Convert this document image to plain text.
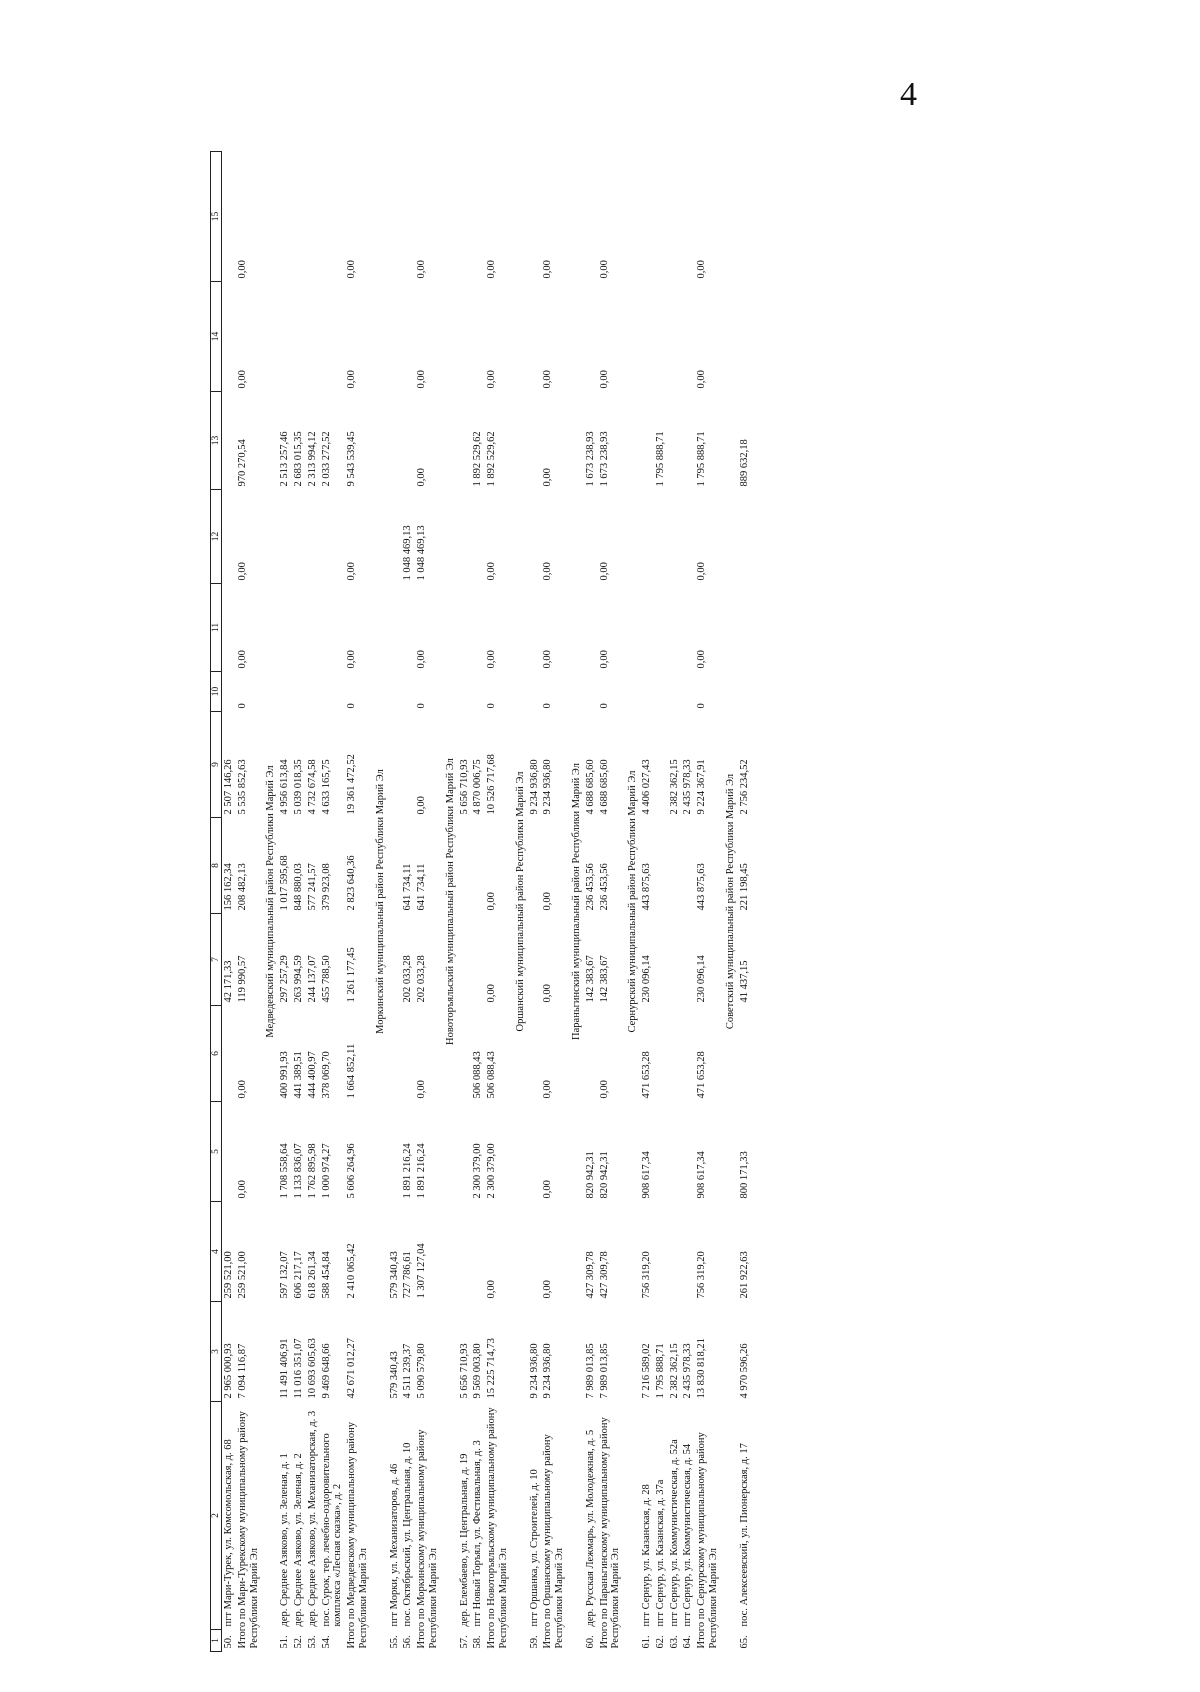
4
1	2	3	4	5	6	7	8	9	10	11	12	13	14	15
50.	пгт Мари-Турек, ул. Комсомольская, д. 68	2 965 000,93	259 521,00			42 171,33	156 162,34	2 507 146,26						
Итого по Мари-Турекскому муниципальному району Республики Марий Эл		7 094 116,87	259 521,00	0,00	0,00	119 990,57	208 482,13	5 535 852,63	0	0,00	0,00	970 270,54	0,00	0,00
Медведевский муниципальный район Республики Марий Эл														
51.	дер. Среднее Азяково, ул. Зеленая, д. 1	11 491 406,91	597 132,07	1 708 558,64	400 991,93	297 257,29	1 017 595,68	4 956 613,84				2 513 257,46		
52.	дер. Среднее Азяково, ул. Зеленая, д. 2	11 016 351,07	606 217,17	1 133 836,07	441 389,51	263 994,59	848 880,03	5 039 018,35				2 683 015,35		
53.	дер. Среднее Азяково, ул. Механизаторская, д. 3	10 693 605,63	618 261,34	1 762 895,98	444 400,97	244 137,07	577 241,57	4 732 674,58				2 313 994,12		
54.	пос. Сурок, тер. лечебно-оздоровительного комплекса «Лесная сказка», д. 2	9 469 648,66	588 454,84	1 000 974,27	378 069,70	455 788,50	379 923,08	4 633 165,75				2 033 272,52		
Итого по Медведевскому муниципальному району Республики Марий Эл		42 671 012,27	2 410 065,42	5 606 264,96	1 664 852,11	1 261 177,45	2 823 640,36	19 361 472,52	0	0,00	0,00	9 543 539,45	0,00	0,00
Моркинский муниципальный район Республики Марий Эл														
55.	пгт Морки, ул. Механизаторов, д. 46	579 340,43	579 340,43											
56.	пос. Октябрьский, ул. Центральная, д. 10	4 511 239,37	727 786,61	1 891 216,24		202 033,28	641 734,11				1 048 469,13			
Итого по Моркинскому муниципальному району Республики Марий Эл		5 090 579,80	1 307 127,04	1 891 216,24	0,00	202 033,28	641 734,11	0,00	0	0,00	1 048 469,13	0,00	0,00	0,00
Новоторъяльский муниципальный район Республики Марий Эл														
57.	дер. Елембаево, ул. Центральная, д. 19	5 656 710,93						5 656 710,93						
58.	пгт Новый Торъял, ул. Фестивальная, д. 3	9 569 003,80		2 300 379,00	506 088,43			4 870 006,75				1 892 529,62		
Итого по Новоторъяльскому муниципальному району Республики Марий Эл		15 225 714,73	0,00	2 300 379,00	506 088,43	0,00	0,00	10 526 717,68	0	0,00	0,00	1 892 529,62	0,00	0,00
Оршанский муниципальный район Республики Марий Эл														
59.	пгт Оршанка, ул. Строителей, д. 10	9 234 936,80						9 234 936,80						
Итого по Оршанскому муниципальному району Республики Марий Эл		9 234 936,80	0,00	0,00	0,00	0,00	0,00	9 234 936,80	0	0,00	0,00	0,00	0,00	0,00
Параньгинский муниципальный район Республики Марий Эл														
60.	дер. Русская Лежмарь, ул. Молодежная, д. 5	7 989 013,85	427 309,78	820 942,31		142 383,67	236 453,56	4 688 685,60				1 673 238,93		
Итого по Параньгинскому муниципальному району Республики Марий Эл		7 989 013,85	427 309,78	820 942,31	0,00	142 383,67	236 453,56	4 688 685,60	0	0,00	0,00	1 673 238,93	0,00	0,00
Сернурский муниципальный район Республики Марий Эл														
61.	пгт Сернур, ул. Казанская, д. 28	7 216 589,02	756 319,20	908 617,34	471 653,28	230 096,14	443 875,63	4 406 027,43						
62.	пгт Сернур, ул. Казанская, д. 37а	1 795 888,71										1 795 888,71		
63.	пгт Сернур, ул. Коммунистическая, д. 52а	2 382 362,15						2 382 362,15						
64.	пгт Сернур, ул. Коммунистическая, д. 54	2 435 978,33						2 435 978,33						
Итого по Сернурскому муниципальному району Республики Марий Эл		13 830 818,21	756 319,20	908 617,34	471 653,28	230 096,14	443 875,63	9 224 367,91	0	0,00	0,00	1 795 888,71	0,00	0,00
Советский муниципальный район Республики Марий Эл														
65.	пос. Алексеевский, ул. Пионерская, д. 17	4 970 596,26	261 922,63	800 171,33		41 437,15	221 198,45	2 756 234,52				889 632,18		
